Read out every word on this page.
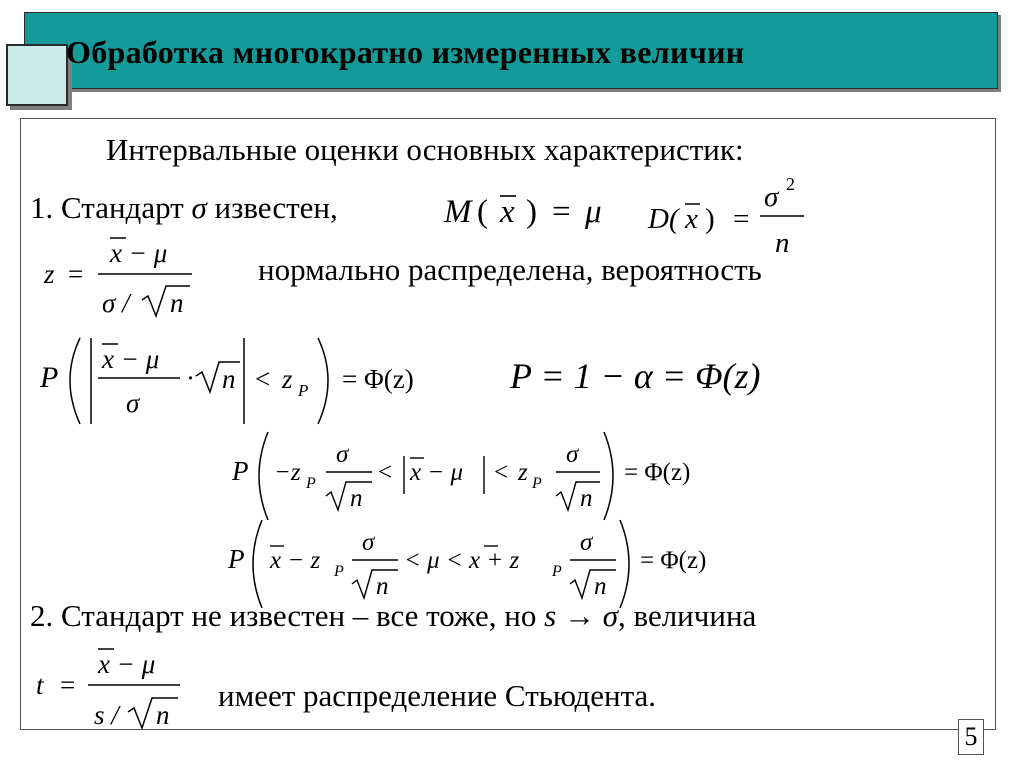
Обработка многократно измеренных величин
Интервальные оценки основных характеристик:
1. Стандарт σ известен,	M ( x ) = μ D( x ) =
σ 2
n
z =
x − μ
σ / n
P
x − μ
σ
· n < z P = Φ(z)	P = 1 − α = Φ(z)
P −z P
σ
n
< x − μ < z P
σ
n
= Φ(z)
P x − z P
σ
n
< μ < x + z P
σ
n
= Φ(z)
t =
x − μ
s / n
нормально распределена, вероятность
2. Стандарт не известен – все тоже, но s → σ, величина
имеет распределение Стьюдента.
5
